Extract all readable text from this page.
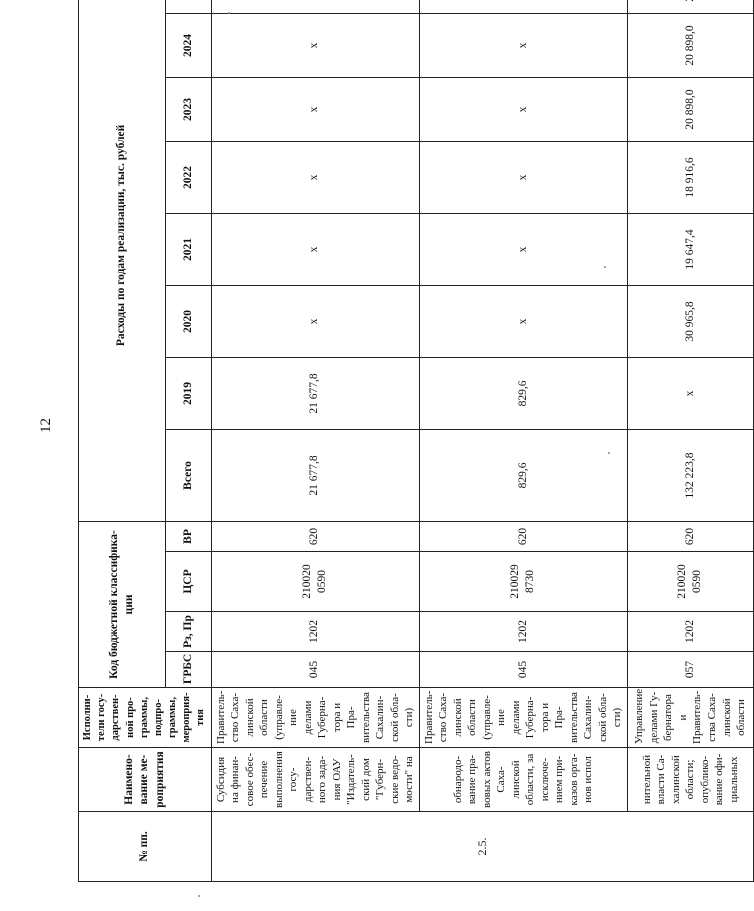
12
№ пп.	Наименование мероприятия	Исполнители государственной программы, подпрограммы, мероприятия	Код бюджетной классификации				Расходы по годам реализации, тыс. рублей							
			ГРБС	Рз, Пр	ЦСР	ВР	Всего	2019	2020	2021	2022	2023	2024	
2.5.	Субсидия на финансовое обеспечение выполнения государственного задания ОАУ "Издательский дом "Губернские ведомости" на	Правительство Сахалинской области (управление делами Губернатора и Правительства Сахалинской области)	045	1202	210020 0590	620	21 677,8	21 677,8	x	x	x	x	x	
	обнародование правовых актов Сахалинской области, за исключением приказов органов испол	Правительство Сахалинской области (управление делами Губернатора и Правительства Сахалинской области)	045	1202	210029 8730	620	829,6	829,6	x	x	x	x	x	
	нительной власти Сахалинской области; опубликование официальных	Управление делами Губернатора и Правительства Сахалинской области	057	1202	210020 0590	620	132 223,8	x	30 965,8	19 647,4	18 916,6	20 898,0	20 898,0	
